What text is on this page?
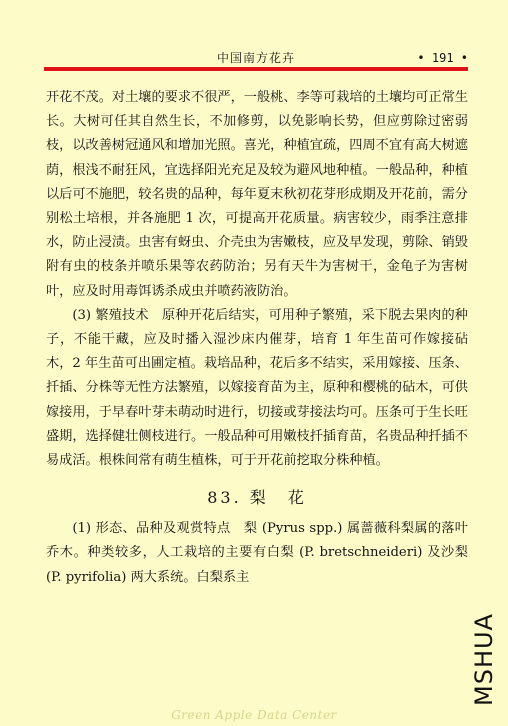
中国南方花卉	• 191 •

开花不茂。对土壤的要求不很严，一般桃、李等可栽培的土壤均可正常生长。大树可任其自然生长，不加修剪，以免影响长势，但应剪除过密弱枝，以改善树冠通风和增加光照。喜光，种植宜疏，四周不宜有高大树遮荫，根浅不耐狂风，宜选择阳光充足及较为避风地种植。一般品种，种植以后可不施肥，较名贵的品种，每年夏末秋初花芽形成期及开花前，需分别松土培根，并各施肥 1 次，可提高开花质量。病害较少，雨季注意排水，防止浸渍。虫害有蚜虫、介壳虫为害嫩枝，应及早发现，剪除、销毁附有虫的枝条并喷乐果等农药防治；另有天牛为害树干，金龟子为害树叶，应及时用毒饵诱杀成虫并喷药液防治。

(3) 繁殖技术　原种开花后结实，可用种子繁殖，采下脱去果肉的种子，不能干藏，应及时播入湿沙床内催芽，培育 1 年生苗可作嫁接砧木，2 年生苗可出圃定植。栽培品种，花后多不结实，采用嫁接、压条、扦插、分株等无性方法繁殖，以嫁接育苗为主，原种和樱桃的砧木，可供嫁接用，于早春叶芽未萌动时进行，切接或芽接法均可。压条可于生长旺盛期，选择健壮侧枝进行。一般品种可用嫩枝扦插育苗，名贵品种扦插不易成活。根株间常有萌生植株，可于开花前挖取分株种植。

83. 梨　花

(1) 形态、品种及观赏特点　梨 (Pyrus spp.) 属蔷薇科梨属的落叶乔木。种类较多，人工栽培的主要有白梨 (P. bretschneideri) 及沙梨 (P. pyrifolia) 两大系统。白梨系主

MSHUA
Green Apple Data Center
